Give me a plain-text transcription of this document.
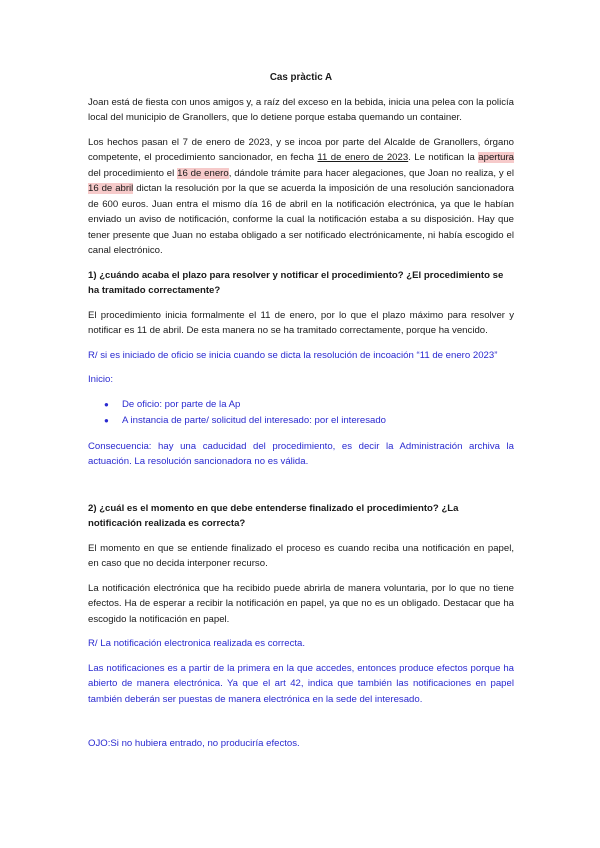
Cas pràctic A

Joan está de fiesta con unos amigos y, a raíz del exceso en la bebida, inicia una pelea con la policía local del municipio de Granollers, que lo detiene porque estaba quemando un container.

Los hechos pasan el 7 de enero de 2023, y se incoa por parte del Alcalde de Granollers, órgano competente, el procedimiento sancionador, en fecha 11 de enero de 2023. Le notifican la apertura del procedimiento el 16 de enero, dándole trámite para hacer alegaciones, que Joan no realiza, y el 16 de abril dictan la resolución por la que se acuerda la imposición de una resolución sancionadora de 600 euros. Juan entra el mismo día 16 de abril en la notificación electrónica, ya que le habían enviado un aviso de notificación, conforme la cual la notificación estaba a su disposición. Hay que tener presente que Juan no estaba obligado a ser notificado electrónicamente, ni había escogido el canal electrónico.

1) ¿cuándo acaba el plazo para resolver y notificar el procedimiento? ¿El procedimiento se ha tramitado correctamente?

El procedimiento inicia formalmente el 11 de enero, por lo que el plazo máximo para resolver y notificar es 11 de abril. De esta manera no se ha tramitado correctamente, porque ha vencido.

R/ si es iniciado de oficio se inicia cuando se dicta la resolución de incoación “11 de enero 2023”

Inicio:

● De oficio: por parte de la Ap
● A instancia de parte/ solicitud del interesado: por el interesado

Consecuencia: hay una caducidad del procedimiento, es decir la Administración archiva la actuación. La resolución sancionadora no es válida.

2) ¿cuál es el momento en que debe entenderse finalizado el procedimiento? ¿La notificación realizada es correcta?

El momento en que se entiende finalizado el proceso es cuando reciba una notificación en papel, en caso que no decida interponer recurso.

La notificación electrónica que ha recibido puede abrirla de manera voluntaria, por lo que no tiene efectos. Ha de esperar a recibir la notificación en papel, ya que no es un obligado. Destacar que ha escogido la notificación en papel.

R/ La notificación electronica realizada es correcta.

Las notificaciones es a partir de la primera en la que accedes, entonces produce efectos porque ha abierto de manera electrónica. Ya que el art 42, indica que también las notificaciones en papel también deberán ser puestas de manera electrónica en la sede del interesado.

OJO:Si no hubiera entrado, no produciría efectos.
